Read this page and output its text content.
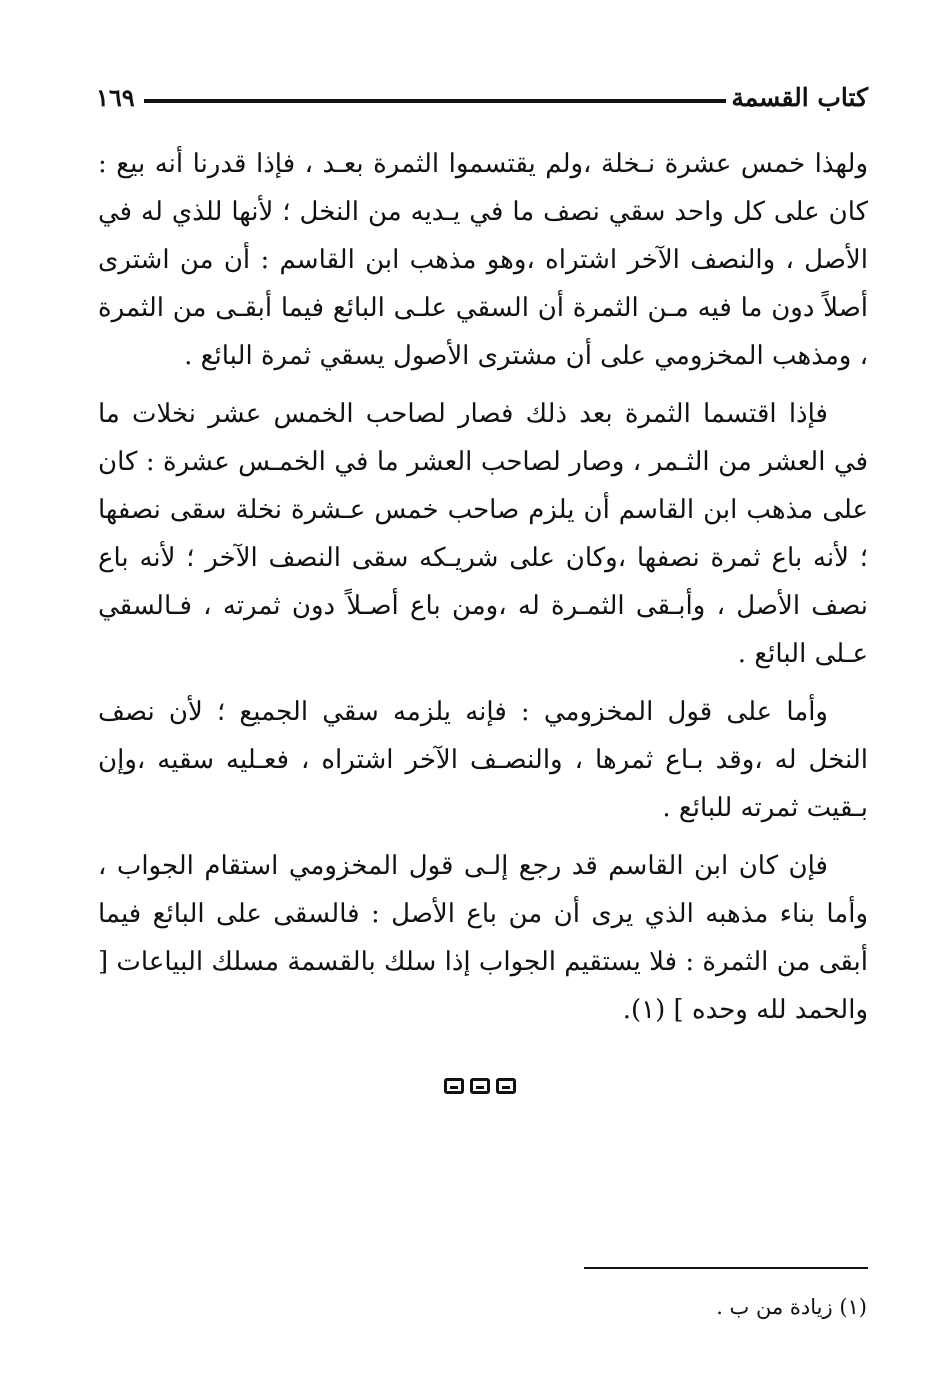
كتاب القسمة
١٦٩

ولهذا خمس عشرة نـخلة ،ولم يقتسموا الثمرة بعـد ، فإذا قدرنا أنه بيع : كان على كل واحد سقي نصف ما في يـديه من النخل ؛ لأنها للذي له في الأصل ، والنصف الآخر اشتراه ،وهو مذهب ابن القاسم : أن من اشترى أصلاً دون ما فيه مـن الثمرة أن السقي علـى البائع فيما أبقـى من الثمرة ، ومذهب المخزومي على أن مشترى الأصول يسقي ثمرة البائع .

فإذا اقتسما الثمرة بعد ذلك فصار لصاحب الخمس عشر نخلات ما في العشر من الثـمر ، وصار لصاحب العشر ما في الخمـس عشرة : كان على مذهب ابن القاسم أن يلزم صاحب خمس عـشرة نخلة سقى نصفها ؛ لأنه باع ثمرة نصفها ،وكان على شريـكه سقى النصف الآخر ؛ لأنه باع نصف الأصل ، وأبـقى الثمـرة له ،ومن باع أصـلاً دون ثمرته ، فـالسقي عـلى البائع .

وأما على قول المخزومي : فإنه يلزمه سقي الجميع ؛ لأن نصف النخل له ،وقد بـاع ثمرها ، والنصـف الآخر اشتراه ، فعـليه سقيه ،وإن بـقيت ثمرته للبائع .

فإن كان ابن القاسم قد رجع إلـى قول المخزومي استقام الجواب ، وأما بناء مذهبه الذي يرى أن من باع الأصل : فالسقى على البائع فيما أبقى من الثمرة : فلا يستقيم الجواب إذا سلك بالقسمة مسلك البياعات [ والحمد لله وحده ] (١).

(١) زيادة من ب .
